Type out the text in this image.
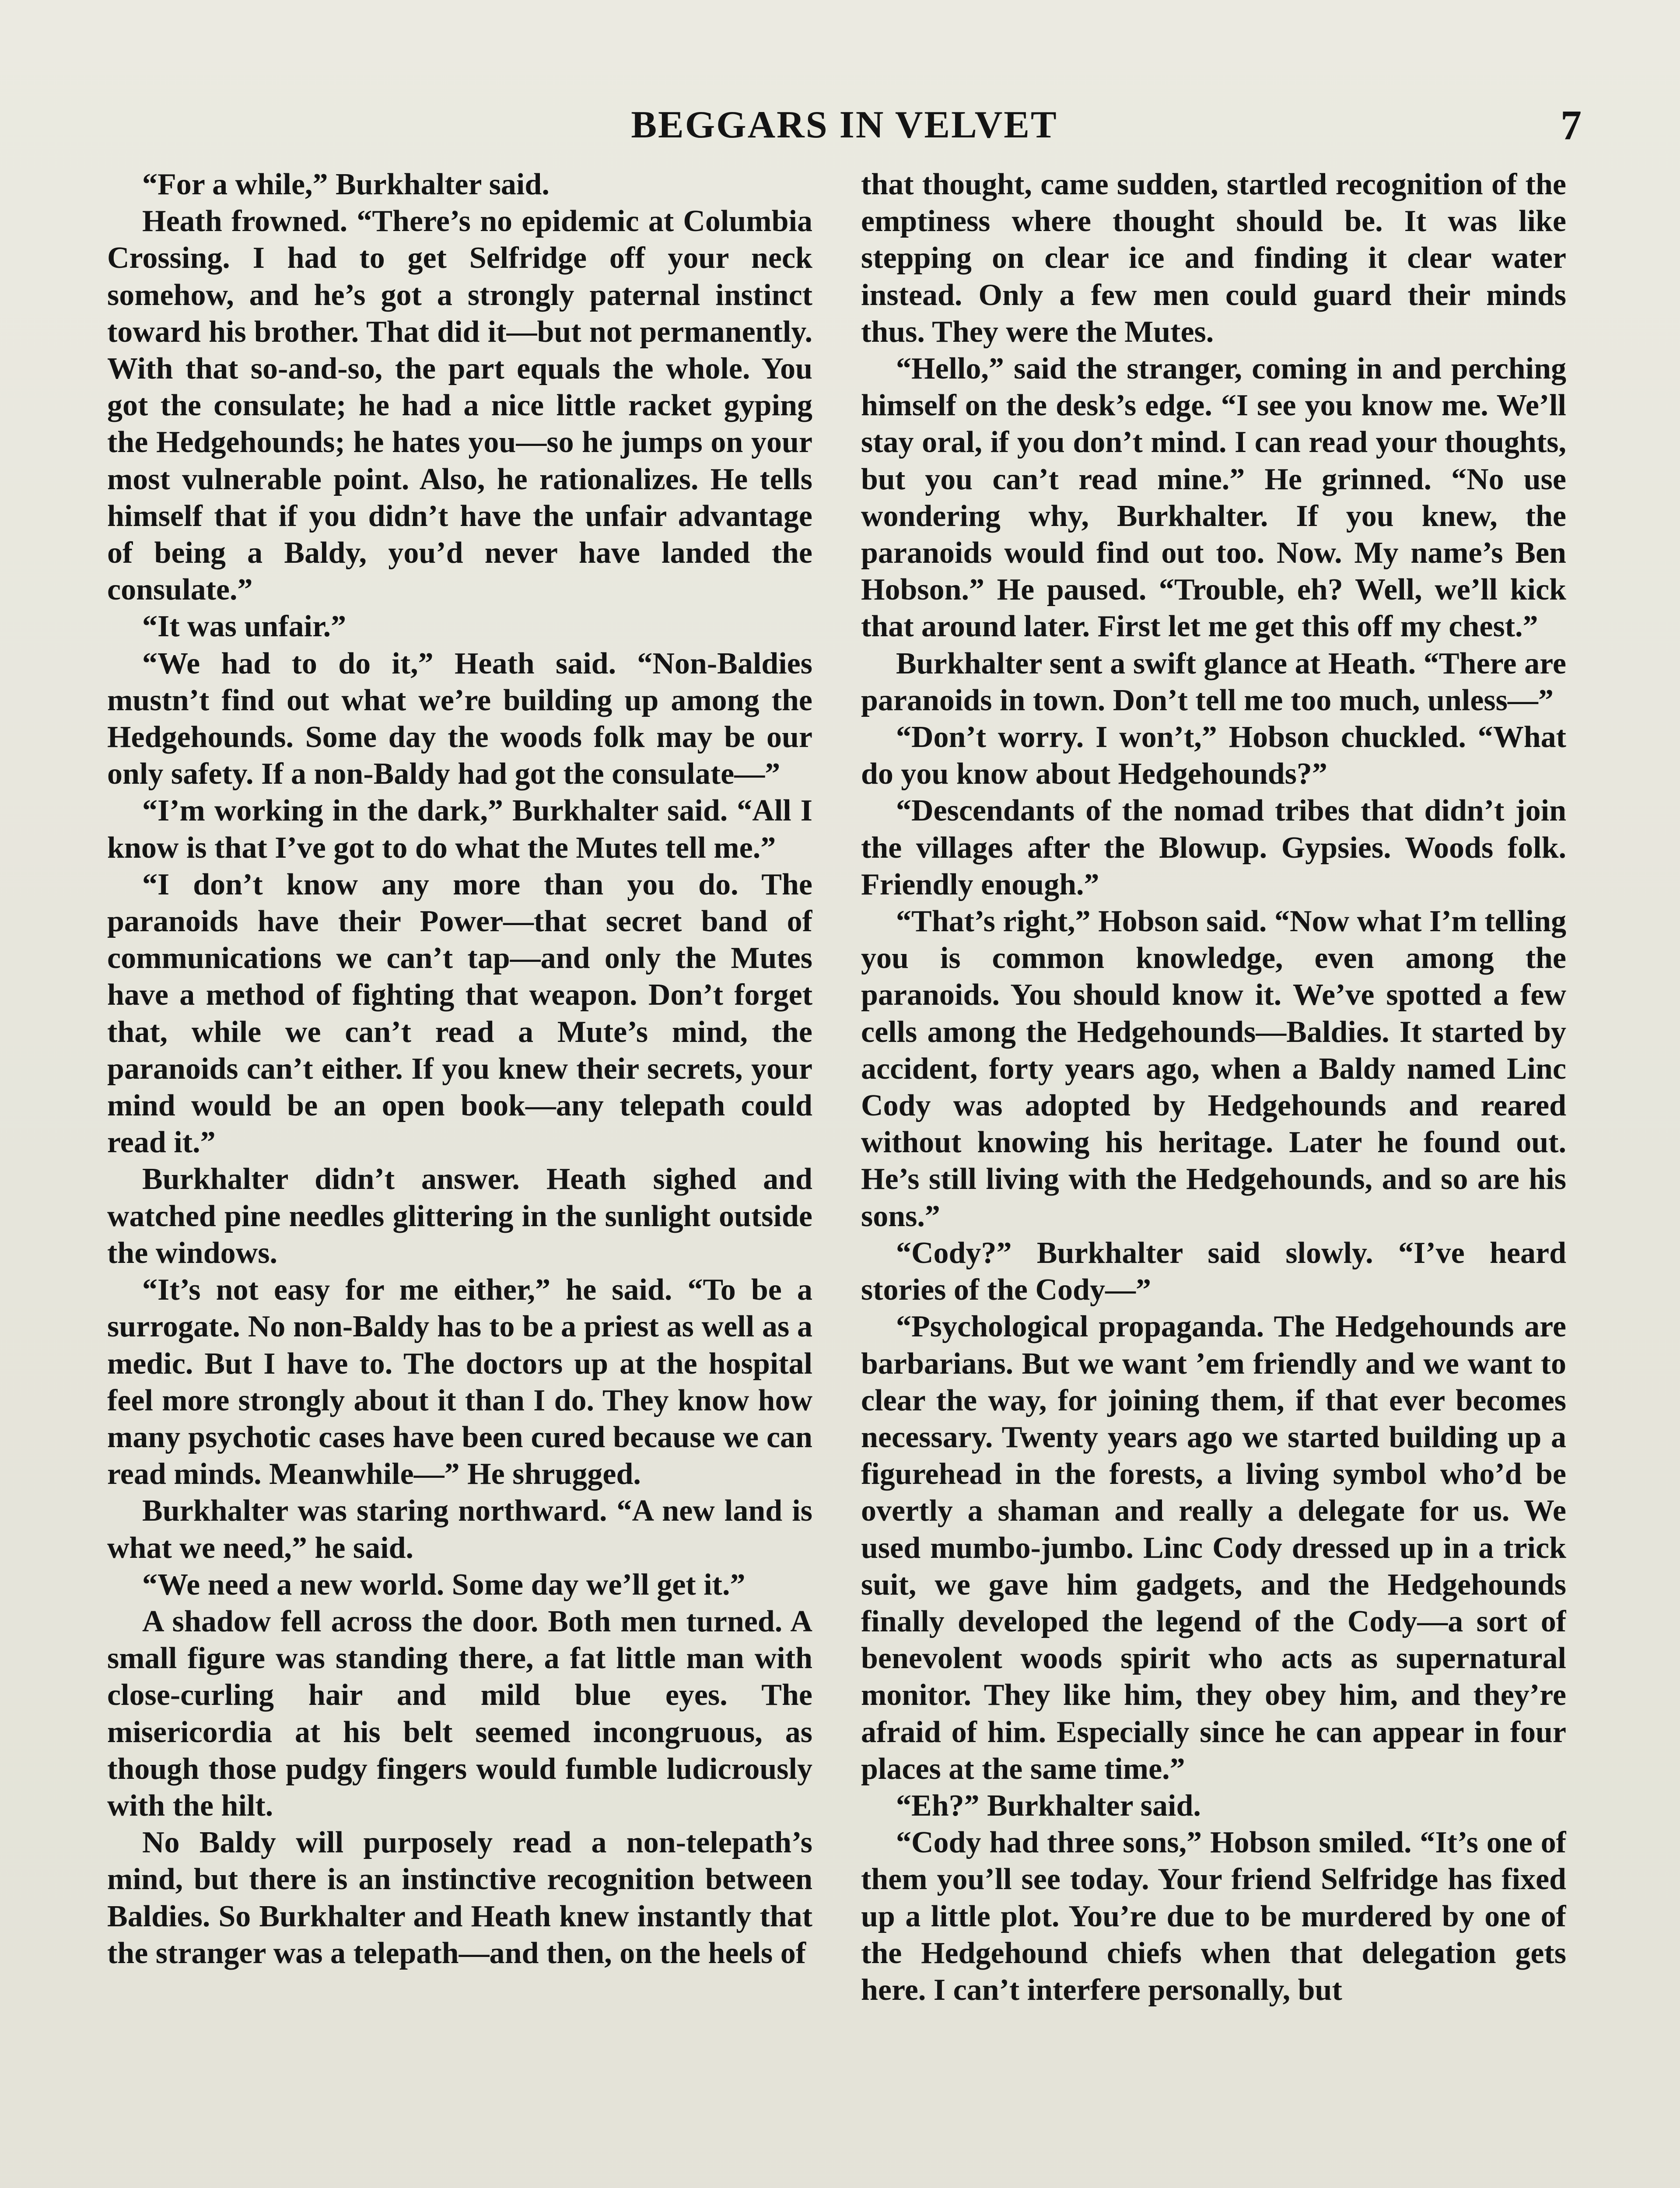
BEGGARS IN VELVET	7

“For a while,” Burkhalter said.

Heath frowned. “There’s no epidemic at Columbia Crossing. I had to get Selfridge off your neck somehow, and he’s got a strongly paternal instinct toward his brother. That did it—but not permanently. With that so-and-so, the part equals the whole. You got the consulate; he had a nice little racket gyping the Hedgehounds; he hates you—so he jumps on your most vulnerable point. Also, he rationalizes. He tells himself that if you didn’t have the unfair advantage of being a Baldy, you’d never have landed the consulate.”

“It was unfair.”

“We had to do it,” Heath said. “Non-Baldies mustn’t find out what we’re building up among the Hedgehounds. Some day the woods folk may be our only safety. If a non-Baldy had got the consulate—”

“I’m working in the dark,” Burkhalter said. “All I know is that I’ve got to do what the Mutes tell me.”

“I don’t know any more than you do. The paranoids have their Power—that secret band of communications we can’t tap—and only the Mutes have a method of fighting that weapon. Don’t forget that, while we can’t read a Mute’s mind, the paranoids can’t either. If you knew their secrets, your mind would be an open book—any telepath could read it.”

Burkhalter didn’t answer. Heath sighed and watched pine needles glittering in the sunlight outside the windows.

“It’s not easy for me either,” he said. “To be a surrogate. No non-Baldy has to be a priest as well as a medic. But I have to. The doctors up at the hospital feel more strongly about it than I do. They know how many psychotic cases have been cured because we can read minds. Meanwhile—” He shrugged.

Burkhalter was staring northward. “A new land is what we need,” he said.

“We need a new world. Some day we’ll get it.”

A shadow fell across the door. Both men turned. A small figure was standing there, a fat little man with close-curling hair and mild blue eyes. The misericordia at his belt seemed incongruous, as though those pudgy fingers would fumble ludicrously with the hilt.

No Baldy will purposely read a non-telepath’s mind, but there is an instinctive recognition between Baldies. So Burkhalter and Heath knew instantly that the stranger was a telepath—and then, on the heels of

that thought, came sudden, startled recognition of the emptiness where thought should be. It was like stepping on clear ice and finding it clear water instead. Only a few men could guard their minds thus. They were the Mutes.

“Hello,” said the stranger, coming in and perching himself on the desk’s edge. “I see you know me. We’ll stay oral, if you don’t mind. I can read your thoughts, but you can’t read mine.” He grinned. “No use wondering why, Burkhalter. If you knew, the paranoids would find out too. Now. My name’s Ben Hobson.” He paused. “Trouble, eh? Well, we’ll kick that around later. First let me get this off my chest.”

Burkhalter sent a swift glance at Heath. “There are paranoids in town. Don’t tell me too much, unless—”

“Don’t worry. I won’t,” Hobson chuckled. “What do you know about Hedgehounds?”

“Descendants of the nomad tribes that didn’t join the villages after the Blowup. Gypsies. Woods folk. Friendly enough.”

“That’s right,” Hobson said. “Now what I’m telling you is common knowledge, even among the paranoids. You should know it. We’ve spotted a few cells among the Hedgehounds—Baldies. It started by accident, forty years ago, when a Baldy named Linc Cody was adopted by Hedgehounds and reared without knowing his heritage. Later he found out. He’s still living with the Hedgehounds, and so are his sons.”

“Cody?” Burkhalter said slowly. “I’ve heard stories of the Cody—”

“Psychological propaganda. The Hedgehounds are barbarians. But we want ’em friendly and we want to clear the way, for joining them, if that ever becomes necessary. Twenty years ago we started building up a figurehead in the forests, a living symbol who’d be overtly a shaman and really a delegate for us. We used mumbo-jumbo. Linc Cody dressed up in a trick suit, we gave him gadgets, and the Hedgehounds finally developed the legend of the Cody—a sort of benevolent woods spirit who acts as supernatural monitor. They like him, they obey him, and they’re afraid of him. Especially since he can appear in four places at the same time.”

“Eh?” Burkhalter said.

“Cody had three sons,” Hobson smiled. “It’s one of them you’ll see today. Your friend Selfridge has fixed up a little plot. You’re due to be murdered by one of the Hedgehound chiefs when that delegation gets here. I can’t interfere personally, but
